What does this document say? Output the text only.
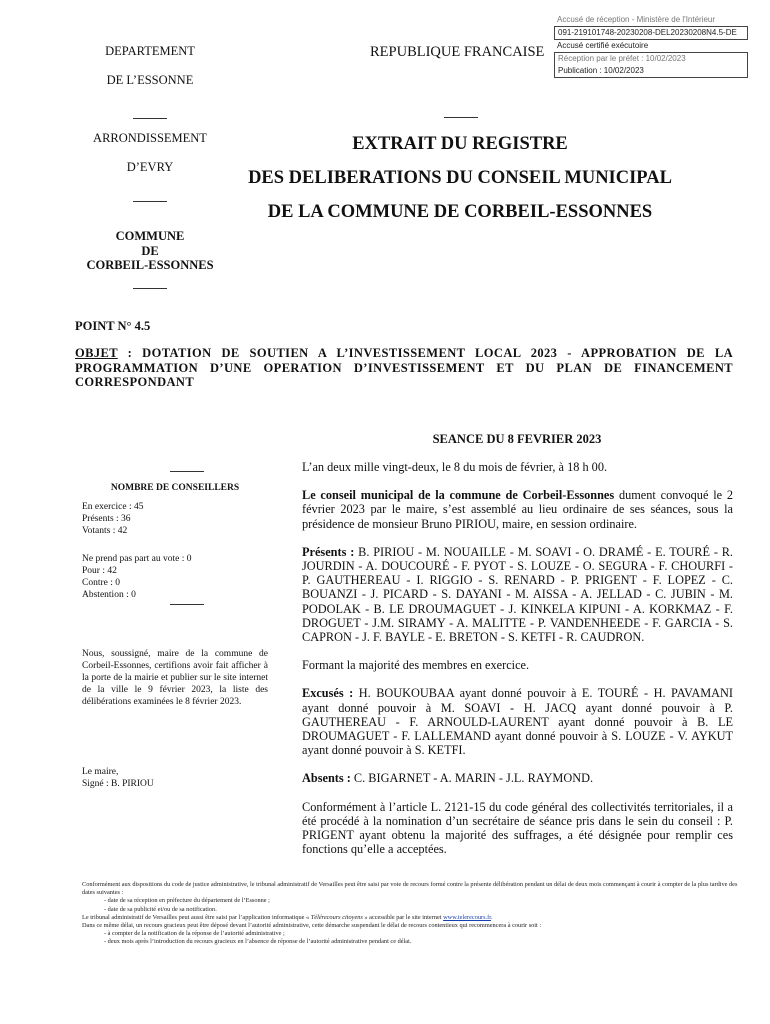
Accusé de réception - Ministère de l'Intérieur
091-219101748-20230208-DEL20230208N4.5-DE
Accusé certifié exécutoire
Réception par le préfet : 10/02/2023
Publication : 10/02/2023
DEPARTEMENT
DE L’ESSONNE
ARRONDISSEMENT
D’EVRY
COMMUNE
DE
CORBEIL-ESSONNES
REPUBLIQUE FRANCAISE
EXTRAIT DU REGISTRE
DES DELIBERATIONS DU CONSEIL MUNICIPAL
DE LA COMMUNE DE CORBEIL-ESSONNES
POINT N° 4.5
OBJET : DOTATION DE SOUTIEN A L’INVESTISSEMENT LOCAL 2023 - APPROBATION DE LA PROGRAMMATION D’UNE OPERATION D’INVESTISSEMENT ET DU PLAN DE FINANCEMENT CORRESPONDANT
SEANCE DU 8 FEVRIER 2023
NOMBRE DE CONSEILLERS
En exercice : 45
Présents : 36
Votants : 42
Ne prend pas part au vote : 0
Pour : 42
Contre : 0
Abstention : 0
Nous, soussigné, maire de la commune de Corbeil-Essonnes, certifions avoir fait afficher à la porte de la mairie et publier sur le site internet de la ville le 9 février 2023, la liste des délibérations examinées le 8 février 2023.
Le maire,
Signé : B. PIRIOU

L’an deux mille vingt-deux, le 8 du mois de février, à 18 h 00.

Le conseil municipal de la commune de Corbeil-Essonnes dument convoqué le 2 février 2023 par le maire, s’est assemblé au lieu ordinaire de ses séances, sous la présidence de monsieur Bruno PIRIOU, maire, en session ordinaire.

Présents : B. PIRIOU - M. NOUAILLE - M. SOAVI - O. DRAMÉ - E. TOURÉ - R. JOURDIN - A. DOUCOURÉ - F. PYOT - S. LOUZE - O. SEGURA - F. CHOURFI - P. GAUTHEREAU - I. RIGGIO - S. RENARD - P. PRIGENT - F. LOPEZ - C. BOUANZI - J. PICARD - S. DAYANI - M. AISSA - A. JELLAD - C. JUBIN - M. PODOLAK - B. LE DROUMAGUET - J. KINKELA KIPUNI - A. KORKMAZ - F. DROGUET - J.M. SIRAMY - A. MALITTE - P. VANDENHEEDE - F. GARCIA - S. CAPRON - J. F. BAYLE - E. BRETON - S. KETFI - R. CAUDRON.

Formant la majorité des membres en exercice.

Excusés : H. BOUKOUBAA ayant donné pouvoir à E. TOURÉ - H. PAVAMANI ayant donné pouvoir à M. SOAVI - H. JACQ ayant donné pouvoir à P. GAUTHEREAU - F. ARNOULD-LAURENT ayant donné pouvoir à B. LE DROUMAGUET - F. LALLEMAND ayant donné pouvoir à S. LOUZE - V. AYKUT ayant donné pouvoir à S. KETFI.

Absents : C. BIGARNET - A. MARIN - J.L. RAYMOND.

Conformément à l’article L. 2121-15 du code général des collectivités territoriales, il a été procédé à la nomination d’un secrétaire de séance pris dans le sein du conseil : P. PRIGENT ayant obtenu la majorité des suffrages, a été désignée pour remplir ces fonctions qu’elle a acceptées.

Conformément aux dispositions du code de justice administrative, le tribunal administratif de Versailles peut être saisi par voie de recours formé contre la présente délibération pendant un délai de deux mois commençant à courir à compter de la plus tardive des dates suivantes :
- date de sa réception en préfecture du département de l’Essonne ;
- date de sa publicité et/ou de sa notification.
Le tribunal administratif de Versailles peut aussi être saisi par l’application informatique « Télérecours citoyens » accessible par le site internet www.telerecours.fr.
Dans ce même délai, un recours gracieux peut être déposé devant l’autorité administrative, cette démarche suspendant le délai de recours contentieux qui recommencera à courir soit :
- à compter de la notification de la réponse de l’autorité administrative ;
- deux mois après l’introduction du recours gracieux en l’absence de réponse de l’autorité administrative pendant ce délai.
